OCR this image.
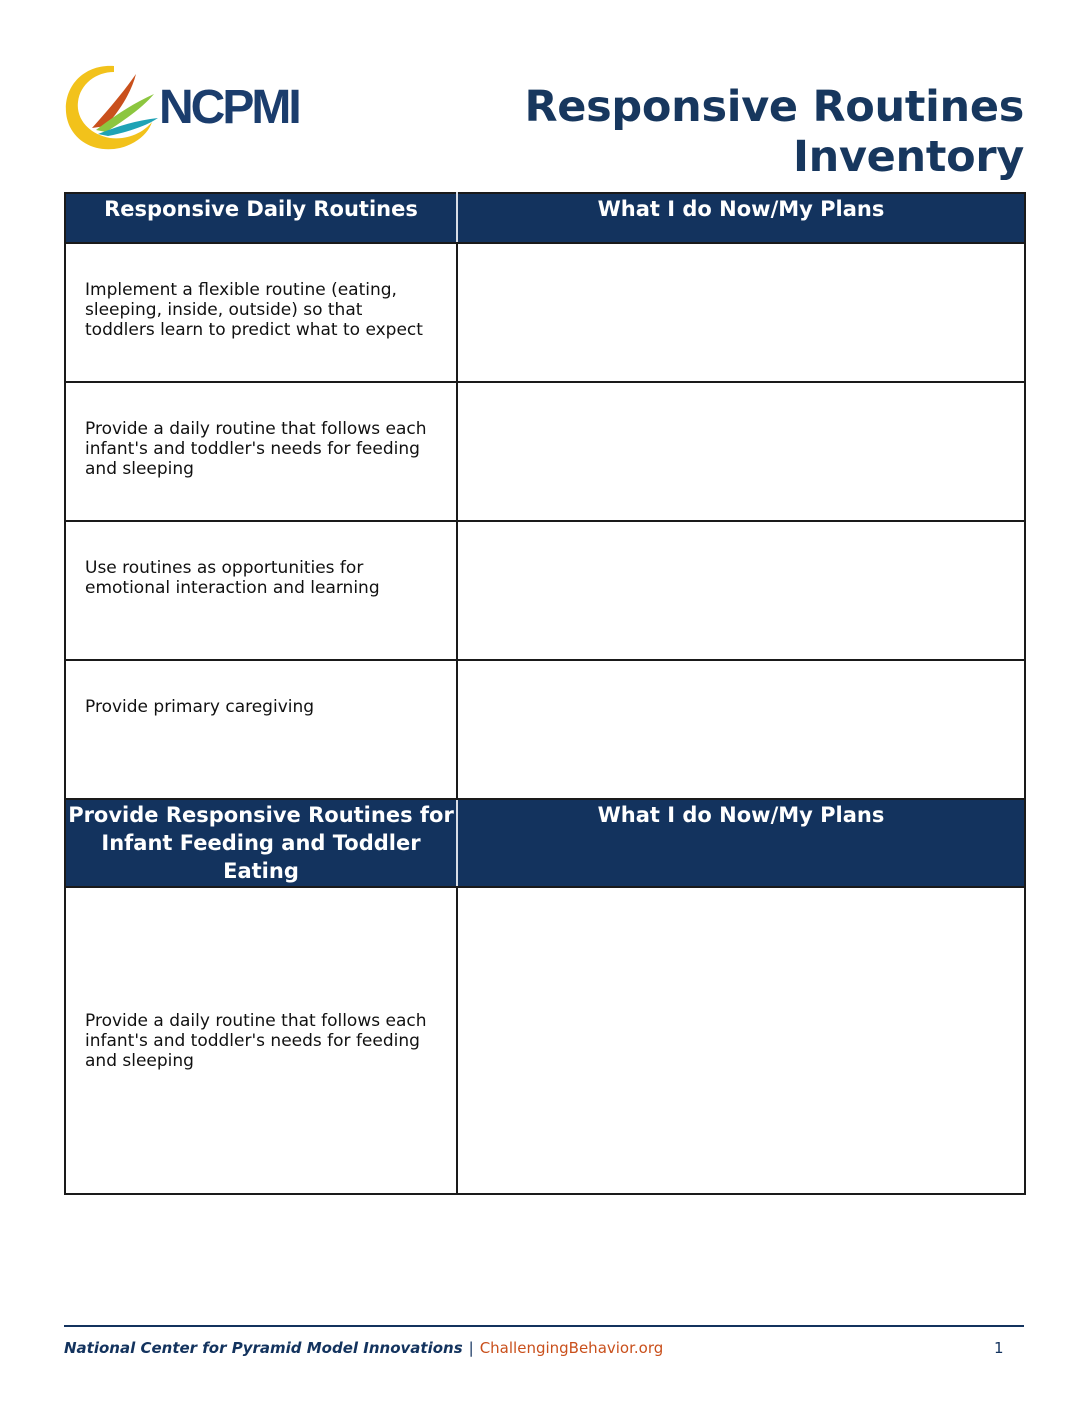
NCPMI	Responsive Routines Inventory
Responsive Daily Routines	What I do Now/My Plans
Implement a flexible routine (eating, sleeping, inside, outside) so that toddlers learn to predict what to expect	
Provide a daily routine that follows each infant's and toddler's needs for feeding and sleeping	
Use routines as opportunities for emotional interaction and learning	
Provide primary caregiving	
Provide Responsive Routines for Infant Feeding and Toddler Eating	What I do Now/My Plans
Provide a daily routine that follows each infant's and toddler's needs for feeding and sleeping	
National Center for Pyramid Model Innovations | ChallengingBehavior.org	1
